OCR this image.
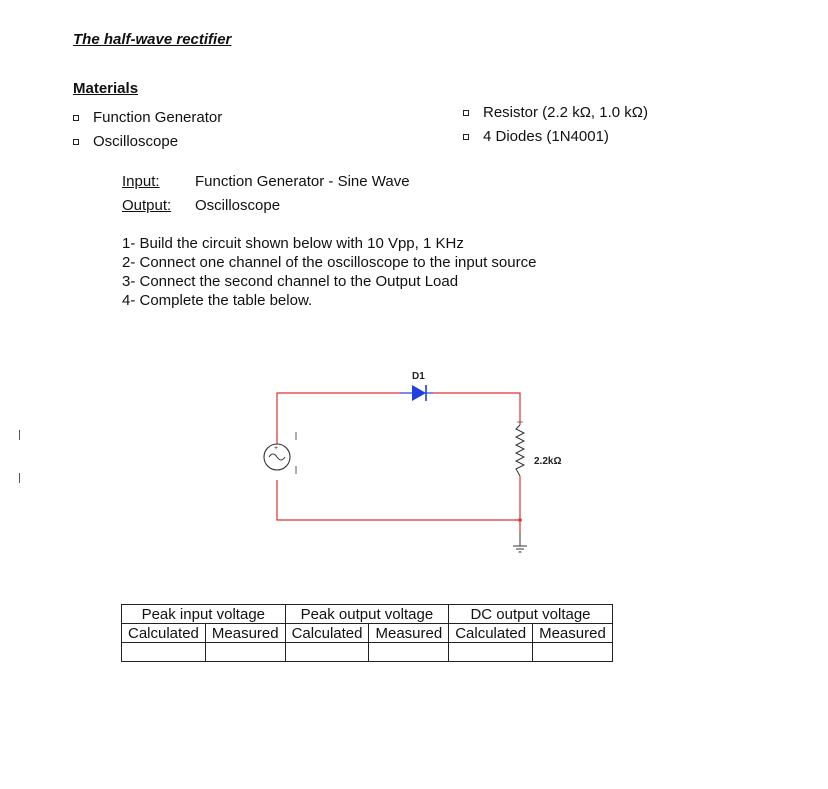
The half-wave rectifier
Materials
Function Generator
Oscilloscope
Resistor (2.2 kΩ, 1.0 kΩ)
4 Diodes (1N4001)
Input: Function Generator - Sine Wave
Output: Oscilloscope
1- Build the circuit shown below with 10 Vpp, 1 KHz
2- Connect one channel of the oscilloscope to the input source
3- Connect the second channel to the Output Load
4- Complete the table below.
D1
+
2.2kΩ
Peak input voltage		Peak output voltage		DC output voltage	
Calculated	Measured	Calculated	Measured	Calculated	Measured
